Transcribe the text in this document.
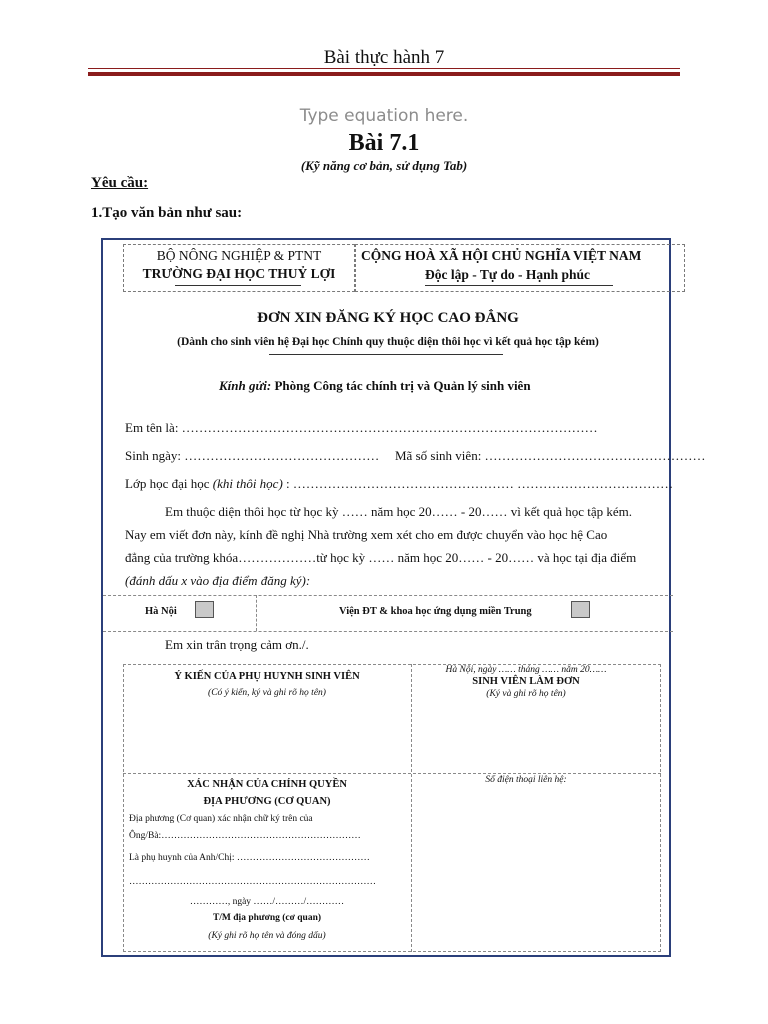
Bài thực hành 7
Type equation here.
Bài 7.1
(Kỹ năng cơ bản, sử dụng Tab)
Yêu cầu:
1.Tạo văn bản như sau:
BỘ NÔNG NGHIỆP & PTNT
TRƯỜNG ĐẠI HỌC THUỶ LỢI
CỘNG HOÀ XÃ HỘI CHỦ NGHĨA VIỆT NAM
Độc lập - Tự do - Hạnh phúc
ĐƠN XIN ĐĂNG KÝ HỌC CAO ĐẲNG
(Dành cho sinh viên hệ Đại học Chính quy thuộc diện thôi học vì kết quả học tập kém)
Kính gửi: Phòng Công tác chính trị và Quản lý sinh viên
Em tên là: ……………………………………………………………………………………
Sinh ngày: ……………………………………… Mã số sinh viên: ……………………………………………
Lớp học đại học (khi thôi học) : …………………………………………… ………………………………
Em thuộc diện thôi học từ học kỳ …… năm học 20…… - 20…… vì kết quả học tập kém.
Nay em viết đơn này, kính đề nghị Nhà trường xem xét cho em được chuyển vào học hệ Cao
đẳng của trường khóa………………từ học kỳ …… năm học 20…… - 20…… và học tại địa điểm
(đánh dấu x vào địa điểm đăng ký):
Hà Nội	Viện ĐT & khoa học ứng dụng miền Trung
Em xin trân trọng cảm ơn./.
Ý KIẾN CỦA PHỤ HUYNH SINH VIÊN
(Có ý kiến, ký và ghi rõ họ tên)
Hà Nội, ngày …… tháng …… năm 20……
SINH VIÊN LÀM ĐƠN
(Ký và ghi rõ họ tên)
XÁC NHẬN CỦA CHÍNH QUYỀN
ĐỊA PHƯƠNG (CƠ QUAN)
Địa phương (Cơ quan) xác nhận chữ ký trên của
Ông/Bà:………………………………………………………
Là phụ huynh của Anh/Chị: ……………………………………
……………………………………………………………………
…………, ngày ……/………/…………
T/M địa phương (cơ quan)
(Ký ghi rõ họ tên và đóng dấu)
Số điện thoại liên hệ:
